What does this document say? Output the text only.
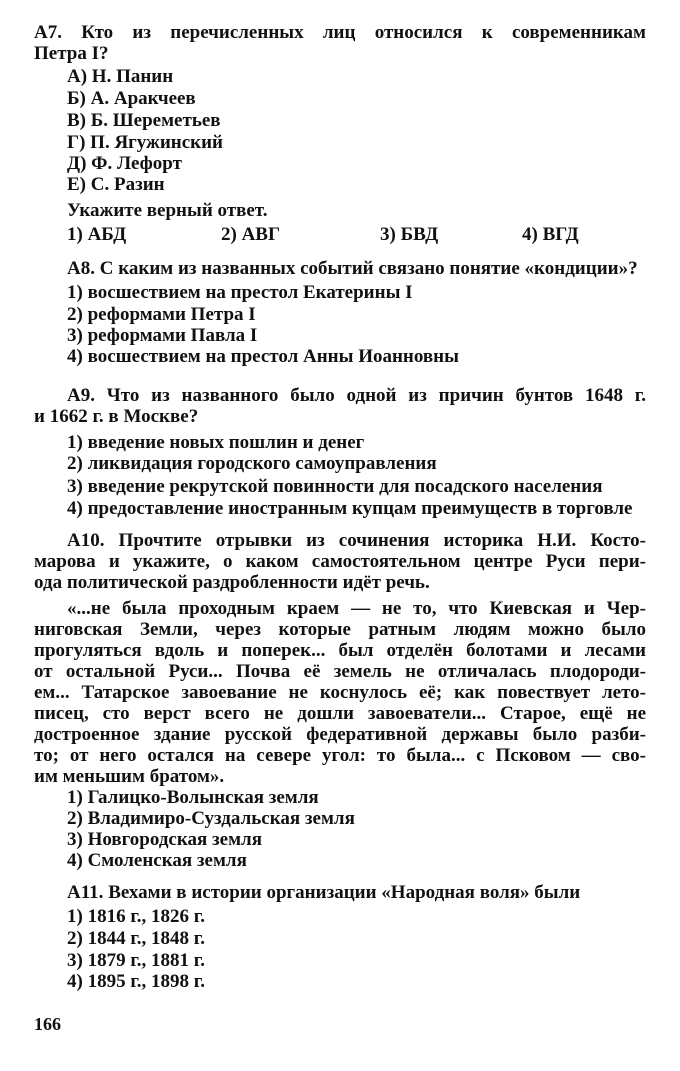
А7. Кто из перечисленных лиц относился к современникам
Петра I?
А) Н. Панин
Б) А. Аракчеев
В) Б. Шереметьев
Г) П. Ягужинский
Д) Ф. Лефорт
Е) С. Разин
Укажите верный ответ.
1) АБД	2) АВГ	3) БВД	4) ВГД
А8. С каким из названных событий связано понятие «кондиции»?
1) восшествием на престол Екатерины I
2) реформами Петра I
3) реформами Павла I
4) восшествием на престол Анны Иоанновны
А9. Что из названного было одной из причин бунтов 1648 г.
и 1662 г. в Москве?
1) введение новых пошлин и денег
2) ликвидация городского самоуправления
3) введение рекрутской повинности для посадского населения
4) предоставление иностранным купцам преимуществ в торговле
А10. Прочтите отрывки из сочинения историка Н.И. Косто-
марова и укажите, о каком самостоятельном центре Руси пери-
ода политической раздробленности идёт речь.
«...не была проходным краем — не то, что Киевская и Чер-
ниговская Земли, через которые ратным людям можно было
прогуляться вдоль и поперек... был отделён болотами и лесами
от остальной Руси... Почва её земель не отличалась плодороди-
ем... Татарское завоевание не коснулось её; как повествует лето-
писец, сто верст всего не дошли завоеватели... Старое, ещё не
достроенное здание русской федеративной державы было разби-
то; от него остался на севере угол: то была... с Псковом — сво-
им меньшим братом».
1) Галицко-Волынская земля
2) Владимиро-Суздальская земля
3) Новгородская земля
4) Смоленская земля
А11. Вехами в истории организации «Народная воля» были
1) 1816 г., 1826 г.
2) 1844 г., 1848 г.
3) 1879 г., 1881 г.
4) 1895 г., 1898 г.
166
